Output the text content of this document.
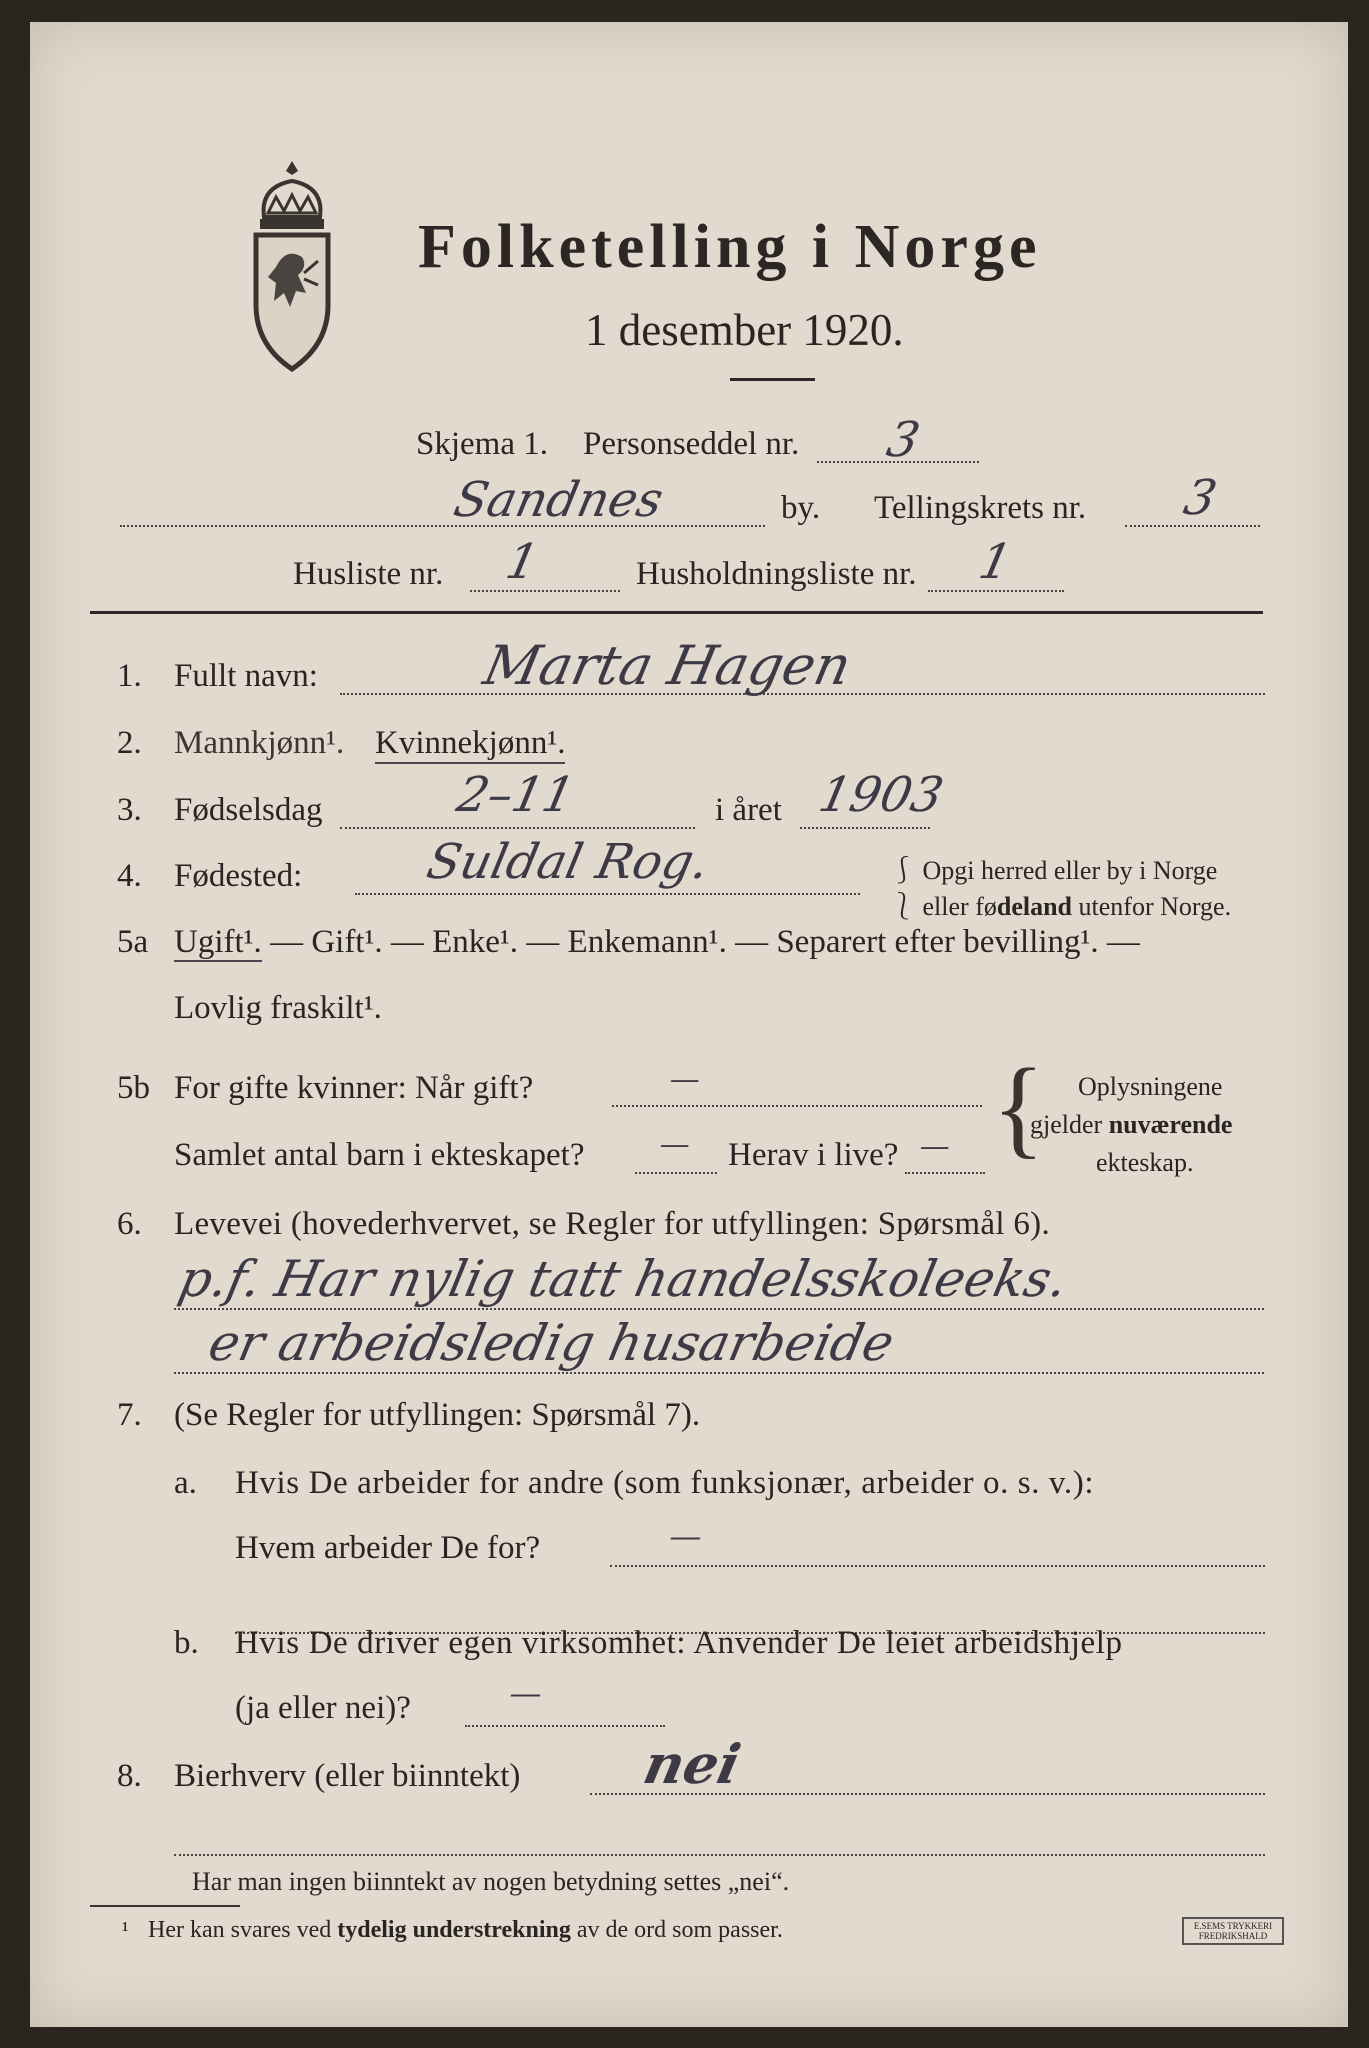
Folketelling i Norge
1 desember 1920.
Skjema 1. Personseddel nr. 3
Sandnes	by. Tellingskrets nr. 3
Husliste nr. 1	Husholdningsliste nr. 1
1. Fullt navn:	Marta Hagen
2. Mannkjønn¹. Kvinnekjønn¹.
3. Fødselsdag	2–11	i året 1903
4. Fødested: Suldal Rog.	⎰ Opgi herred eller by i Norge
⎱ eller fødeland utenfor Norge.
5a Ugift¹. — Gift¹. — Enke¹. — Enkemann¹. — Separert efter bevilling¹. —
Lovlig fraskilt¹.
5b For gifte kvinner: Når gift?	—
Samlet antal barn i ekteskapet? — Herav i live? — { Oplysningene
gjelder nuværende
ekteskap.
6. Levevei (hovederhvervet, se Regler for utfyllingen: Spørsmål 6).
p.f. Har nylig tatt handelsskoleeks.
er arbeidsledig husarbeide
7. (Se Regler for utfyllingen: Spørsmål 7).
a. Hvis De arbeider for andre (som funksjonær, arbeider o. s. v.):
Hvem arbeider De for?	—
b. Hvis De driver egen virksomhet: Anvender De leiet arbeidshjelp
(ja eller nei)?	—
8. Bierhverv (eller biinntekt) nei
Har man ingen biinntekt av nogen betydning settes „nei“.
¹ Her kan svares ved tydelig understrekning av de ord som passer.	E.SEMS TRYKKERI FREDRIKSHALD
